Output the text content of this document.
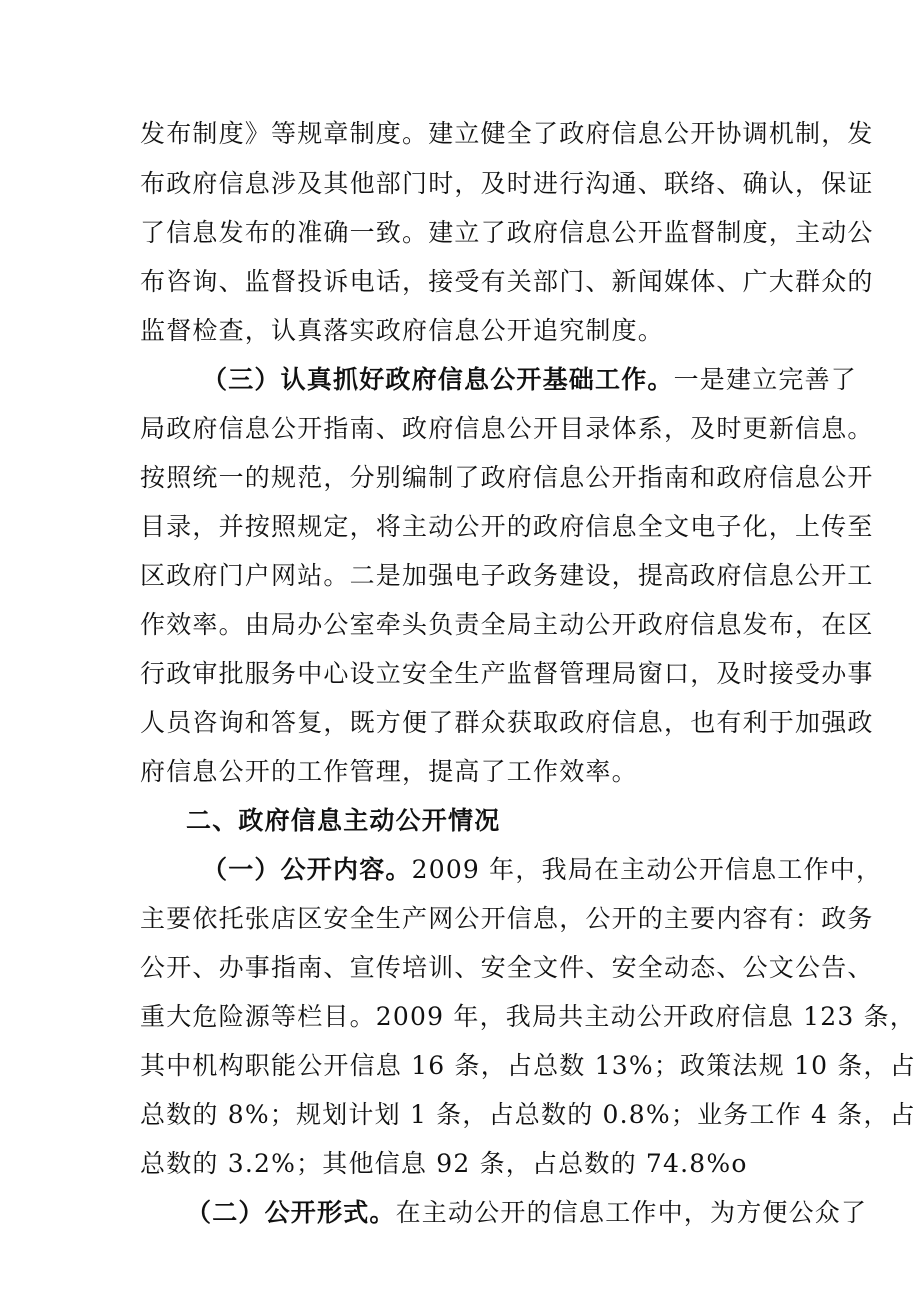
发布制度》等规章制度。建立健全了政府信息公开协调机制，发
布政府信息涉及其他部门时，及时进行沟通、联络、确认，保证
了信息发布的准确一致。建立了政府信息公开监督制度，主动公
布咨询、监督投诉电话，接受有关部门、新闻媒体、广大群众的
监督检查，认真落实政府信息公开追究制度。
（三）认真抓好政府信息公开基础工作。一是建立完善了
局政府信息公开指南、政府信息公开目录体系，及时更新信息。
按照统一的规范，分别编制了政府信息公开指南和政府信息公开
目录，并按照规定，将主动公开的政府信息全文电子化，上传至
区政府门户网站。二是加强电子政务建设，提高政府信息公开工
作效率。由局办公室牵头负责全局主动公开政府信息发布，在区
行政审批服务中心设立安全生产监督管理局窗口，及时接受办事
人员咨询和答复，既方便了群众获取政府信息，也有利于加强政
府信息公开的工作管理，提高了工作效率。
二、政府信息主动公开情况
（一）公开内容。2009 年，我局在主动公开信息工作中，
主要依托张店区安全生产网公开信息，公开的主要内容有：政务
公开、办事指南、宣传培训、安全文件、安全动态、公文公告、
重大危险源等栏目。2009 年，我局共主动公开政府信息 123 条，
其中机构职能公开信息 16 条，占总数 13%；政策法规 10 条，占
总数的 8%；规划计划 1 条，占总数的 0.8%；业务工作 4 条，占
总数的 3.2%；其他信息 92 条，占总数的 74.8%o
（二）公开形式。在主动公开的信息工作中，为方便公众了
